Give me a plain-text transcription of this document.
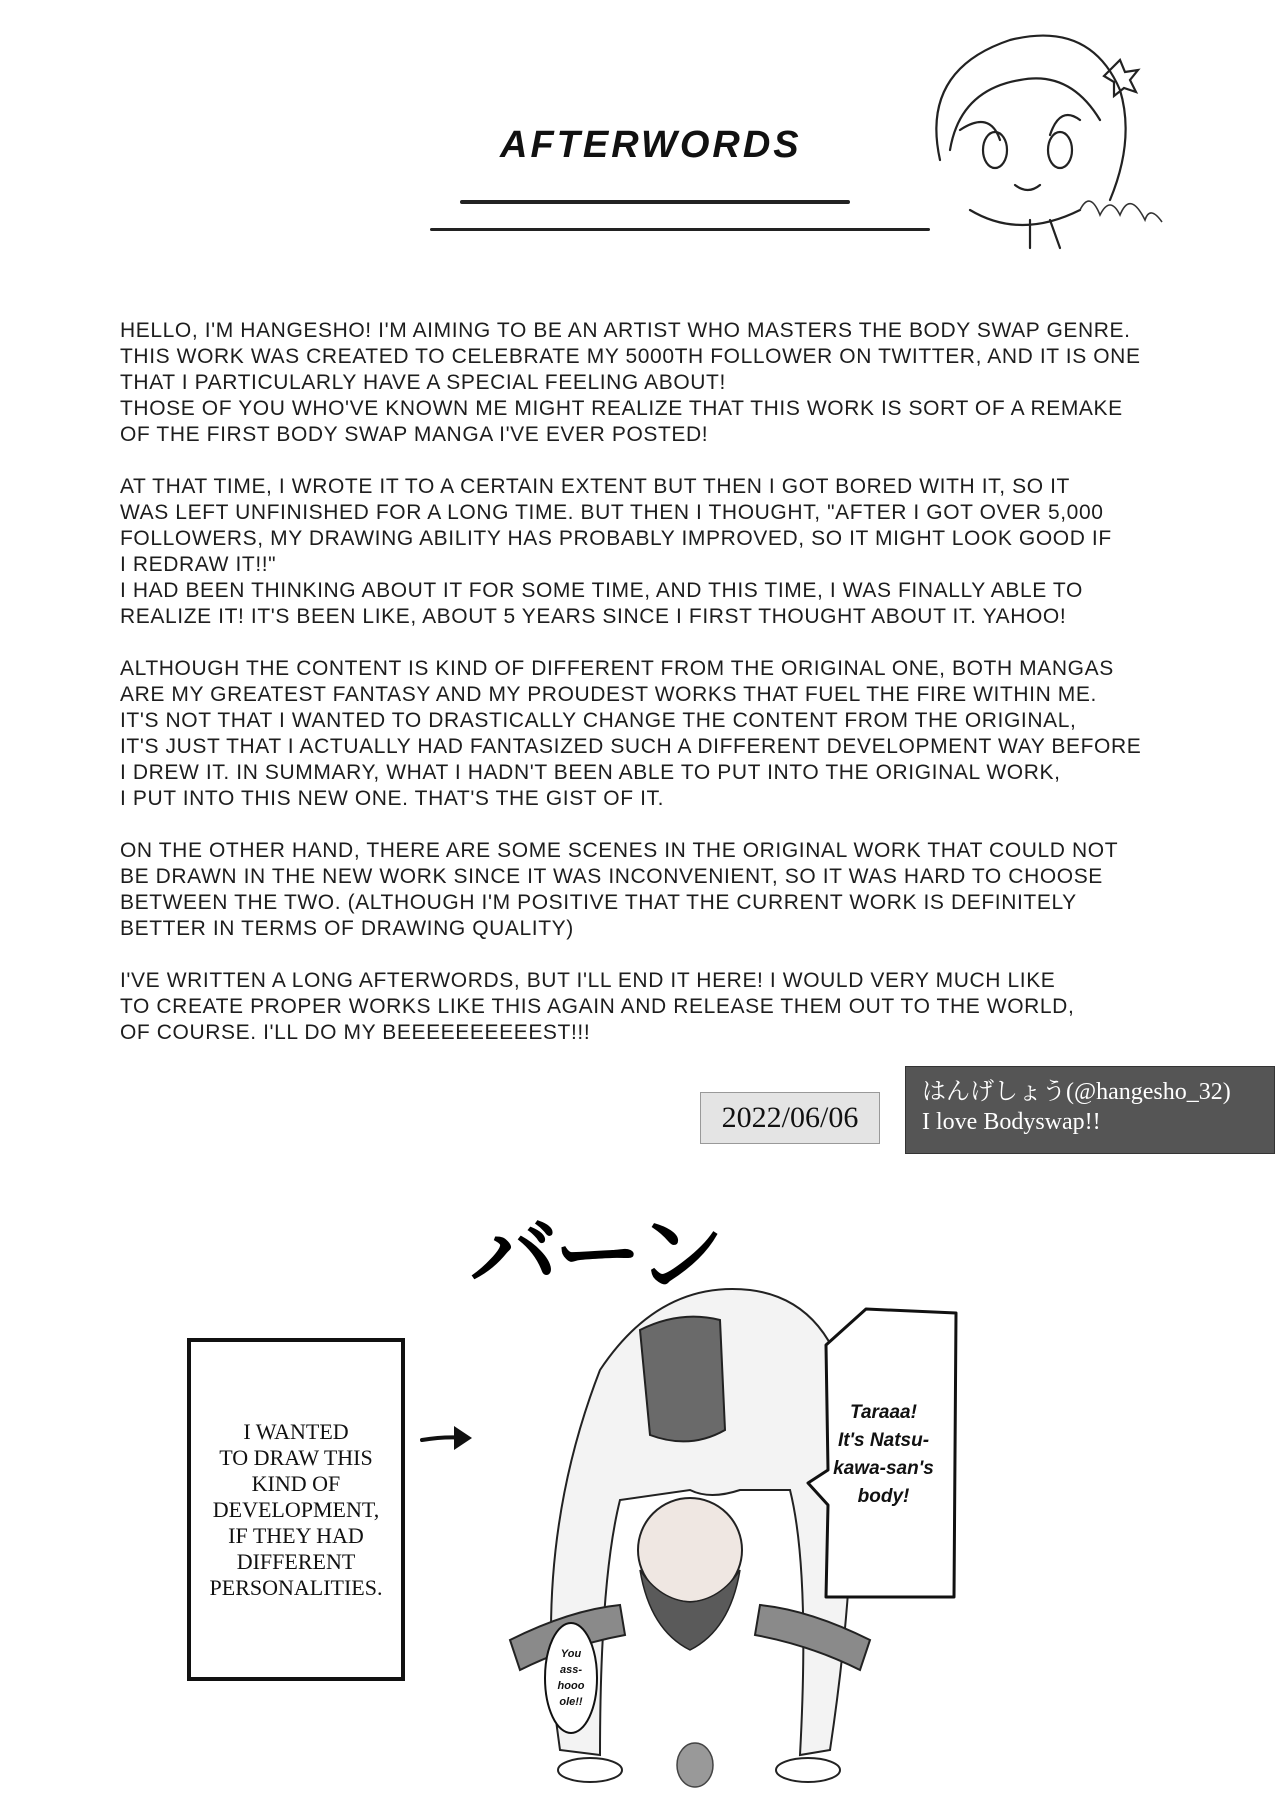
AFTERWORDS
HELLO, I'M HANGESHO! I'M AIMING TO BE AN ARTIST WHO MASTERS THE BODY SWAP GENRE.
THIS WORK WAS CREATED TO CELEBRATE MY 5000TH FOLLOWER ON TWITTER, AND IT IS ONE
THAT I PARTICULARLY HAVE A SPECIAL FEELING ABOUT!
THOSE OF YOU WHO'VE KNOWN ME MIGHT REALIZE THAT THIS WORK IS SORT OF A REMAKE
OF THE FIRST BODY SWAP MANGA I'VE EVER POSTED!
AT THAT TIME, I WROTE IT TO A CERTAIN EXTENT BUT THEN I GOT BORED WITH IT, SO IT
WAS LEFT UNFINISHED FOR A LONG TIME. BUT THEN I THOUGHT, "AFTER I GOT OVER 5,000
FOLLOWERS, MY DRAWING ABILITY HAS PROBABLY IMPROVED, SO IT MIGHT LOOK GOOD IF
I REDRAW IT!!"
I HAD BEEN THINKING ABOUT IT FOR SOME TIME, AND THIS TIME, I WAS FINALLY ABLE TO
REALIZE IT! IT'S BEEN LIKE, ABOUT 5 YEARS SINCE I FIRST THOUGHT ABOUT IT. YAHOO!
ALTHOUGH THE CONTENT IS KIND OF DIFFERENT FROM THE ORIGINAL ONE, BOTH MANGAS
ARE MY GREATEST FANTASY AND MY PROUDEST WORKS THAT FUEL THE FIRE WITHIN ME.
IT'S NOT THAT I WANTED TO DRASTICALLY CHANGE THE CONTENT FROM THE ORIGINAL,
IT'S JUST THAT I ACTUALLY HAD FANTASIZED SUCH A DIFFERENT DEVELOPMENT WAY BEFORE
I DREW IT. IN SUMMARY, WHAT I HADN'T BEEN ABLE TO PUT INTO THE ORIGINAL WORK,
I PUT INTO THIS NEW ONE. THAT'S THE GIST OF IT.
ON THE OTHER HAND, THERE ARE SOME SCENES IN THE ORIGINAL WORK THAT COULD NOT
BE DRAWN IN THE NEW WORK SINCE IT WAS INCONVENIENT, SO IT WAS HARD TO CHOOSE
BETWEEN THE TWO. (ALTHOUGH I'M POSITIVE THAT THE CURRENT WORK IS DEFINITELY
BETTER IN TERMS OF DRAWING QUALITY)
I'VE WRITTEN A LONG AFTERWORDS, BUT I'LL END IT HERE! I WOULD VERY MUCH LIKE
TO CREATE PROPER WORKS LIKE THIS AGAIN AND RELEASE THEM OUT TO THE WORLD,
OF COURSE. I'LL DO MY BEEEEEEEEEEST!!!
2022/06/06
はんげしょう(@hangesho_32)
I love Bodyswap!!
バーン
I WANTED
TO DRAW THIS
KIND OF
DEVELOPMENT,
IF THEY HAD
DIFFERENT
PERSONALITIES.
Taraaa!
It's Natsu-
kawa-san's
body!
You
ass-
hooo
ole!!
